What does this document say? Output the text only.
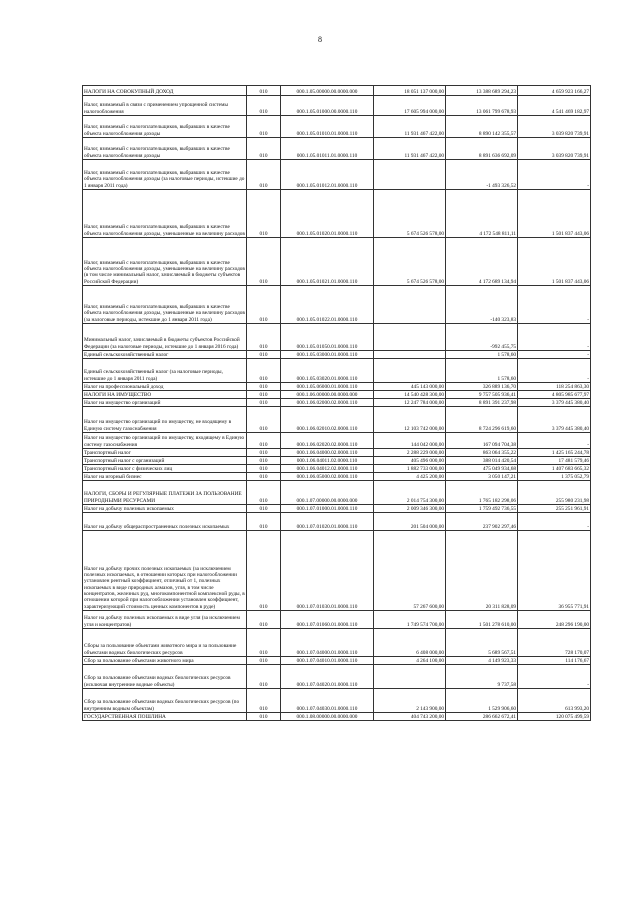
8
НАЛОГИ НА СОВОКУПНЫЙ ДОХОД	010	000.1.05.00000.00.0000.000	18 051 137 000,00	13 388 689 294,23	4 659 923 166,27
Налог, взимаемый в связи с применением упрощенной системы налогообложения	010	000.1.05.01000.00.0000.110	17 605 994 000,00	13 061 799 678,93	4 541 469 182,97
Налог, взимаемый с налогоплательщиков, выбравших в качестве объекта налогообложения доходы	010	000.1.05.01010.01.0000.110	11 931 467 422,00	8 890 142 355,57	3 039 820 739,91
Налог, взимаемый с налогоплательщиков, выбравших в качестве объекта налогообложения доходы	010	000.1.05.01011.01.0000.110	11 931 467 422,00	8 891 636 692,09	3 039 820 739,91
Налог, взимаемый с налогоплательщиков, выбравших в качестве объекта налогообложения доходы (за налоговые периоды, истекшие до 1 января 2011 года)	010	000.1.05.01012.01.0000.110		-1 493 326,52	-
Налог, взимаемый с налогоплательщиков, выбравших в качестве объекта налогообложения доходы, уменьшенные на величину расходов	010	000.1.05.01020.01.0000.110	5 674 526 578,00	4 172 548 811,11	1 501 837 443,06
Налог, взимаемый с налогоплательщиков, выбравших в качестве объекта налогообложения доходы, уменьшенные на величину расходов (в том числе минимальный налог, зачисляемый в бюджеты субъектов Российской Федерации)	010	000.1.05.01021.01.0000.110	5 674 526 578,00	4 172 689 134,94	1 501 837 443,06
Налог, взимаемый с налогоплательщиков, выбравших в качестве объекта налогообложения доходы, уменьшенные на величину расходов (за налоговые периоды, истекшие до 1 января 2011 года)	010	000.1.05.01022.01.0000.110		-140 323,83	-
Минимальный налог, зачисляемый в бюджеты субъектов Российской Федерации (за налоговые периоды, истекшие до 1 января 2016 года)	010	000.1.05.01050.01.0000.110		-992 455,75	-
Единый сельскохозяйственный налог	010	000.1.05.03000.01.0000.110		1 578,60	-
Единый сельскохозяйственный налог (за налоговые периоды, истекшие до 1 января 2011 года)	010	000.1.05.03020.01.0000.110		1 578,60	-
Налог на профессиональный доход	010	000.1.05.06000.01.0000.110	445 143 000,00	326 889 136,70	118 254 863,30
НАЛОГИ НА ИМУЩЕСТВО	010	000.1.06.00000.00.0000.000	14 540 428 300,00	9 757 505 936,41	4 805 985 677,97
Налог на имущество организаций	010	000.1.06.02000.02.0000.110	12 247 784 000,00	8 891 391 237,98	3 379 445 380,40
Налог на имущество организаций по имуществу, не входящему в Единую систему газоснабжения	010	000.1.06.02010.02.0000.110	12 103 742 000,00	8 724 296 619,60	3 379 445 380,40
Налог на имущество организаций по имуществу, входящему в Единую систему газоснабжения	010	000.1.06.02020.02.0000.110	144 042 000,00	167 094 704,38	-
Транспортный налог	010	000.1.06.04000.02.0000.110	2 288 229 000,00	863 064 355,22	1 425 165 244,78
Транспортный налог с организаций	010	000.1.06.04011.02.0000.110	405 496 000,00	388 014 420,54	17 481 579,46
Транспортный налог с физических лиц	010	000.1.06.04012.02.0000.110	1 882 733 000,00	475 049 934,68	1 407 683 665,32
Налог на игорный бизнес	010	000.1.06.05000.02.0000.110	4 425 200,00	3 050 147,21	1 375 052,79
НАЛОГИ, СБОРЫ И РЕГУЛЯРНЫЕ ПЛАТЕЖИ ЗА ПОЛЬЗОВАНИЕ ПРИРОДНЫМИ РЕСУРСАМИ	010	000.1.07.00000.00.0000.000	2 014 754 300,00	1 765 182 298,06	255 980 231,98
Налог на добычу полезных ископаемых	010	000.1.07.01000.01.0000.110	2 009 346 300,00	1 759 492 736,55	255 251 961,91
Налог на добычу общераспространенных полезных ископаемых	010	000.1.07.01020.01.0000.110	201 504 000,00	237 902 297,46	-
Налог на добычу прочих полезных ископаемых (за исключением полезных ископаемых, в отношении которых при налогообложении установлен рентный коэффициент, отличный от 1, полезных ископаемых в виде природных алмазов, угля, в том числе концентратов, железных руд, многокомпонентной комплексной руды, в отношении которой при налогообложении установлен коэффициент, характеризующий стоимость ценных компонентов в руде)	010	000.1.07.01030.01.0000.110	57 267 600,00	20 311 828,09	36 955 771,91
Налог на добычу полезных ископаемых в виде угля (за исключением угля и концентратов)	010	000.1.07.01060.01.0000.110	1 749 574 700,00	1 501 278 610,00	248 296 190,00
Сборы за пользование объектами животного мира и за пользование объектами водных биологических ресурсов	010	000.1.07.04000.01.0000.110	6 408 000,00	5 689 567,51	728 170,07
Сбор за пользование объектами животного мира	010	000.1.07.04010.01.0000.110	4 264 100,00	4 149 923,33	114 176,67
Сбор за пользование объектами водных биологических ресурсов (исключая внутренние водные объекты)	010	000.1.07.04020.01.0000.110		9 737,58	-
Сбор за пользование объектами водных биологических ресурсов (по внутренним водным объектам)	010	000.1.07.04030.01.0000.110	2 143 900,00	1 529 906,60	613 993,20
ГОСУДАРСТВЕННАЯ ПОШЛИНА	010	000.1.08.00000.00.0000.000	404 743 200,00	286 662 672,41	120 075 499,59
